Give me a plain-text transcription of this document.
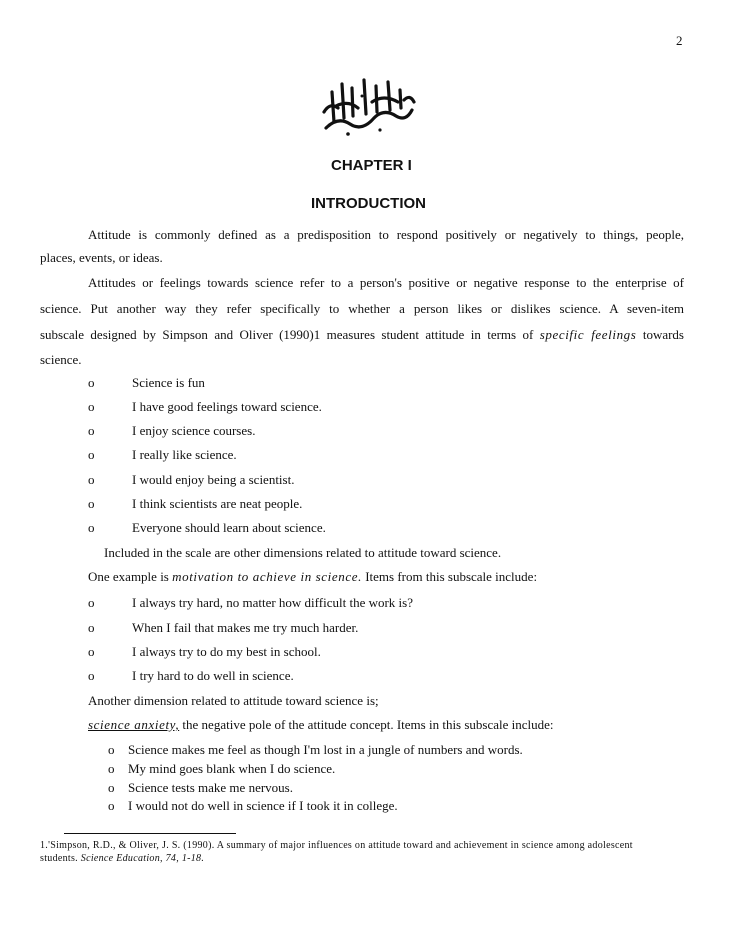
2
CHAPTER I
INTRODUCTION
Attitude is commonly defined as a predisposition to respond positively or negatively to things, people,
places, events, or ideas.
Attitudes or feelings towards science refer to a person's positive or negative response to the enterprise of
science. Put another way they refer specifically to whether a person likes or dislikes science. A seven-item
subscale designed by Simpson and Oliver (1990)1 measures student attitude in terms of specific feelings towards
science.
o	Science is fun
o	I have good feelings toward science.
o	I enjoy science courses.
o	I really like science.
o	I would enjoy being a scientist.
o	I think scientists are neat people.
o	Everyone should learn about science.
Included in the scale are other dimensions related to attitude toward science.
One example is motivation to achieve in science. Items from this subscale include:
o	I always try hard, no matter how difficult the work is?
o	When I fail that makes me try much harder.
o	I always try to do my best in school.
o	I try hard to do well in science.
Another dimension related to attitude toward science is;
science anxiety, the negative pole of the attitude concept. Items in this subscale include:
o Science makes me feel as though I'm lost in a jungle of numbers and words.
o My mind goes blank when I do science.
o Science tests make me nervous.
o I would not do well in science if I took it in college.
1.'Simpson, R.D., & Oliver, J. S. (1990). A summary of major influences on attitude toward and achievement in science among adolescent students. Science Education, 74, 1-18.
